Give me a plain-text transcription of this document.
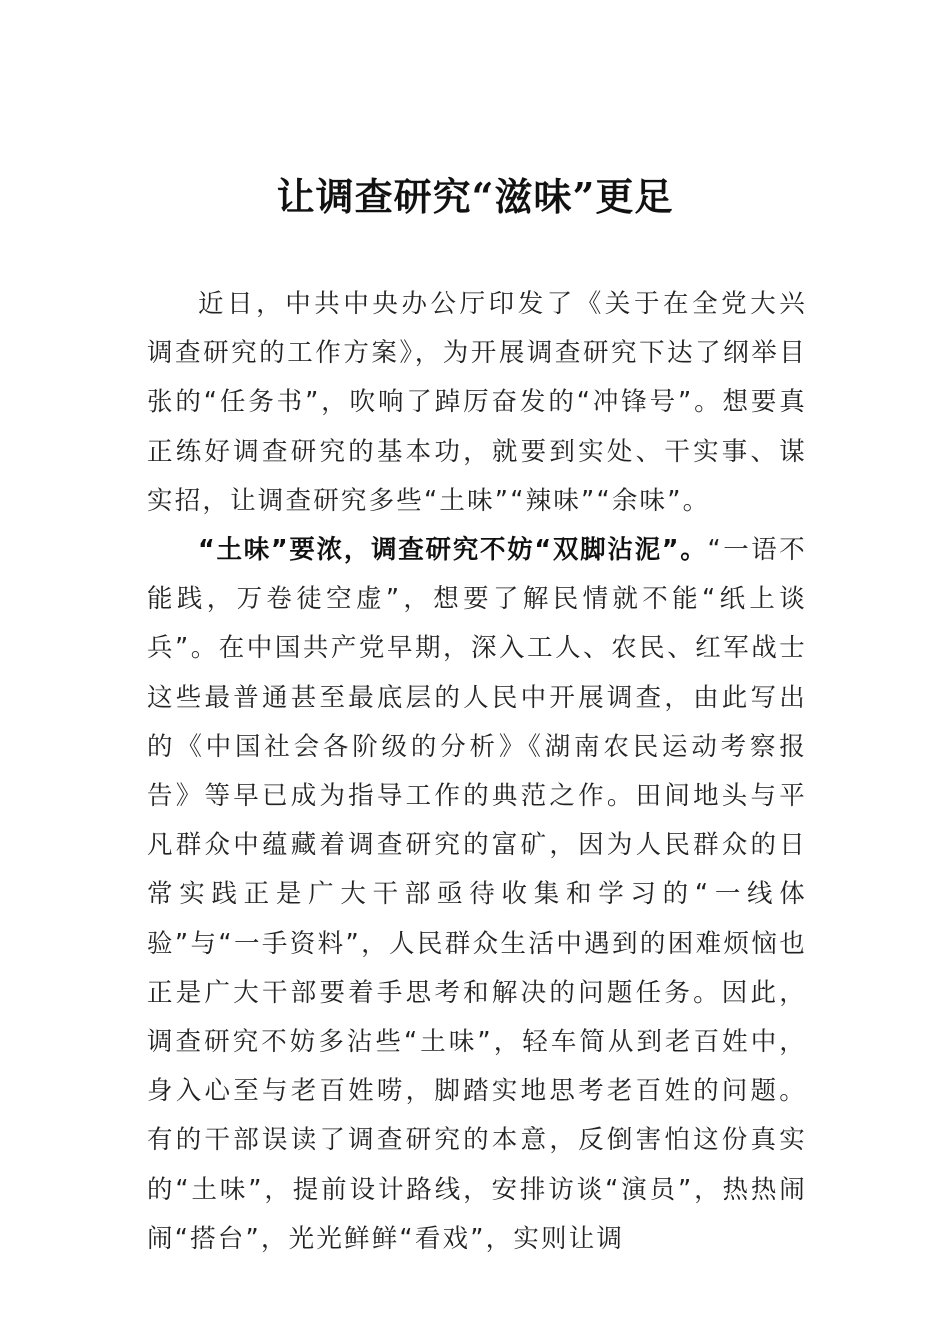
让调查研究“滋味”更足

近日，中共中央办公厅印发了《关于在全党大兴调查研究的工作方案》，为开展调查研究下达了纲举目张的“任务书”，吹响了踔厉奋发的“冲锋号”。想要真正练好调查研究的基本功，就要到实处、干实事、谋实招，让调查研究多些“土味”“辣味”“余味”。

“土味”要浓，调查研究不妨“双脚沾泥”。“一语不能践，万卷徒空虚”，想要了解民情就不能“纸上谈兵”。在中国共产党早期，深入工人、农民、红军战士这些最普通甚至最底层的人民中开展调查，由此写出的《中国社会各阶级的分析》《湖南农民运动考察报告》等早已成为指导工作的典范之作。田间地头与平凡群众中蕴藏着调查研究的富矿，因为人民群众的日常实践正是广大干部亟待收集和学习的“一线体验”与“一手资料”，人民群众生活中遇到的困难烦恼也正是广大干部要着手思考和解决的问题任务。因此，调查研究不妨多沾些“土味”，轻车简从到老百姓中，身入心至与老百姓唠，脚踏实地思考老百姓的问题。有的干部误读了调查研究的本意，反倒害怕这份真实的“土味”，提前设计路线，安排访谈“演员”，热热闹闹“搭台”，光光鲜鲜“看戏”，实则让调
